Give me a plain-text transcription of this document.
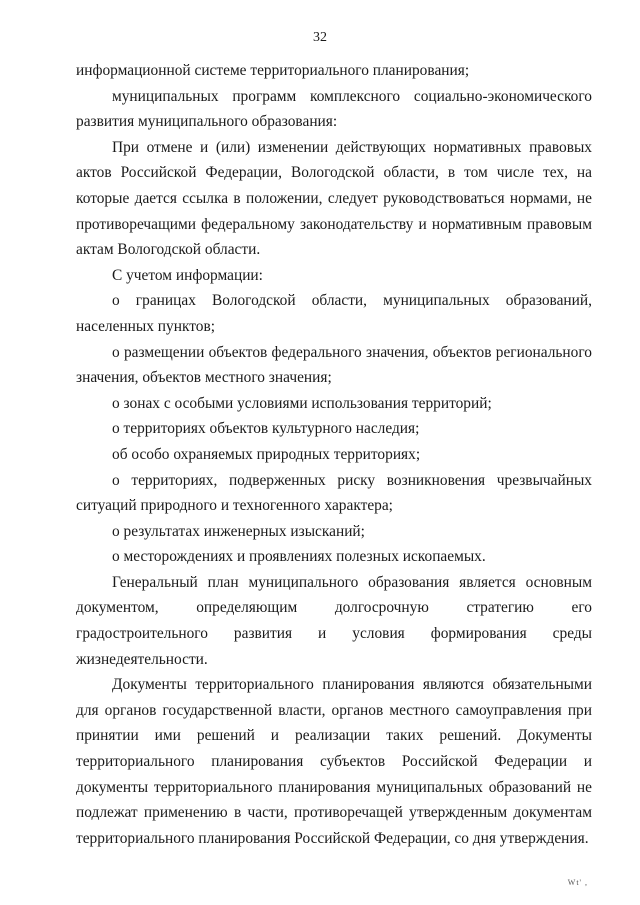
32

информационной системе территориального планирования;

муниципальных программ комплексного социально-экономического развития муниципального образования:

При отмене и (или) изменении действующих нормативных правовых актов Российской Федерации, Вологодской области, в том числе тех, на которые дается ссылка в положении, следует руководствоваться нормами, не противоречащими федеральному законодательству и нормативным правовым актам Вологодской области.

С учетом информации:

о границах Вологодской области, муниципальных образований, населенных пунктов;

о размещении объектов федерального значения, объектов регионального значения, объектов местного значения;

о зонах с особыми условиями использования территорий;

о территориях объектов культурного наследия;

об особо охраняемых природных территориях;

о территориях, подверженных риску возникновения чрезвычайных ситуаций природного и техногенного характера;

о результатах инженерных изысканий;

о месторождениях и проявлениях полезных ископаемых.

Генеральный план муниципального образования является основным документом, определяющим долгосрочную стратегию его градостроительного развития и условия формирования среды жизнедеятельности.

Документы территориального планирования являются обязательными для органов государственной власти, органов местного самоуправления при принятии ими решений и реализации таких решений. Документы территориального планирования субъектов Российской Федерации и документы территориального планирования муниципальных образований не подлежат применению в части, противоречащей утвержденным документам территориального планирования Российской Федерации, со дня утверждения.

Wt' ,
